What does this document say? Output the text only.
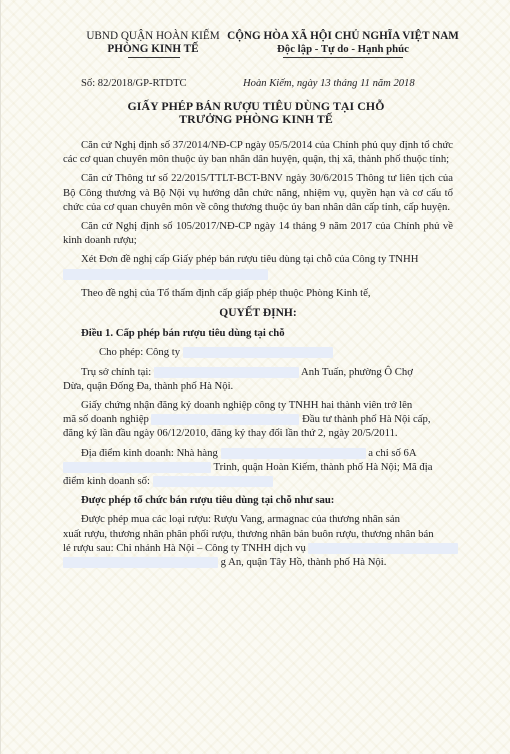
UBND QUẬN HOÀN KIẾM
PHÒNG KINH TẾ
CỘNG HÒA XÃ HỘI CHỦ NGHĨA VIỆT NAM
Độc lập - Tự do - Hạnh phúc
Số: 82/2018/GP-RTDTC	Hoàn Kiếm, ngày 13 tháng 11 năm 2018
GIẤY PHÉP BÁN RƯỢU TIÊU DÙNG TẠI CHỖ
TRƯỞNG PHÒNG KINH TẾ

Căn cứ Nghị định số 37/2014/NĐ-CP ngày 05/5/2014 của Chính phủ quy định tổ chức các cơ quan chuyên môn thuộc ủy ban nhân dân huyện, quận, thị xã, thành phố thuộc tỉnh;

Căn cứ Thông tư số 22/2015/TTLT-BCT-BNV ngày 30/6/2015 Thông tư liên tịch của Bộ Công thương và Bộ Nội vụ hướng dẫn chức năng, nhiệm vụ, quyền hạn và cơ cấu tổ chức của cơ quan chuyên môn về công thương thuộc ủy ban nhân dân cấp tỉnh, cấp huyện.

Căn cứ Nghị định số 105/2017/NĐ-CP ngày 14 tháng 9 năm 2017 của Chính phủ về kinh doanh rượu;

Xét Đơn đề nghị cấp Giấy phép bán rượu tiêu dùng tại chỗ của Công ty TNHH

Theo đề nghị của Tổ thẩm định cấp giấp phép thuộc Phòng Kinh tế,

QUYẾT ĐỊNH:

Điều 1. Cấp phép bán rượu tiêu dùng tại chỗ

Cho phép: Công ty
Trụ sở chính tại:	Anh Tuấn, phường Ô Chợ
Dừa, quận Đống Đa, thành phố Hà Nội.
Giấy chứng nhận đăng ký doanh nghiệp công ty TNHH hai thành viên trở lên
mã số doanh nghiệp	Đầu tư thành phố Hà Nội cấp,
đăng ký lần đầu ngày 06/12/2010, đăng ký thay đổi lần thứ 2, ngày 20/5/2011.
Địa điểm kinh doanh: Nhà hàng	a chỉ số 6A
Trinh, quận Hoàn Kiếm, thành phố Hà Nội; Mã địa
điểm kinh doanh số:

Được phép tổ chức bán rượu tiêu dùng tại chỗ như sau:

Được phép mua các loại rượu: Rượu Vang, armagnac của thương nhân sản
xuất rượu, thương nhân phân phối rượu, thương nhân bán buôn rượu, thương nhân bán
lẻ rượu sau: Chi nhánh Hà Nội – Công ty TNHH dịch vụ
g An, quận Tây Hồ, thành phố Hà Nội.
